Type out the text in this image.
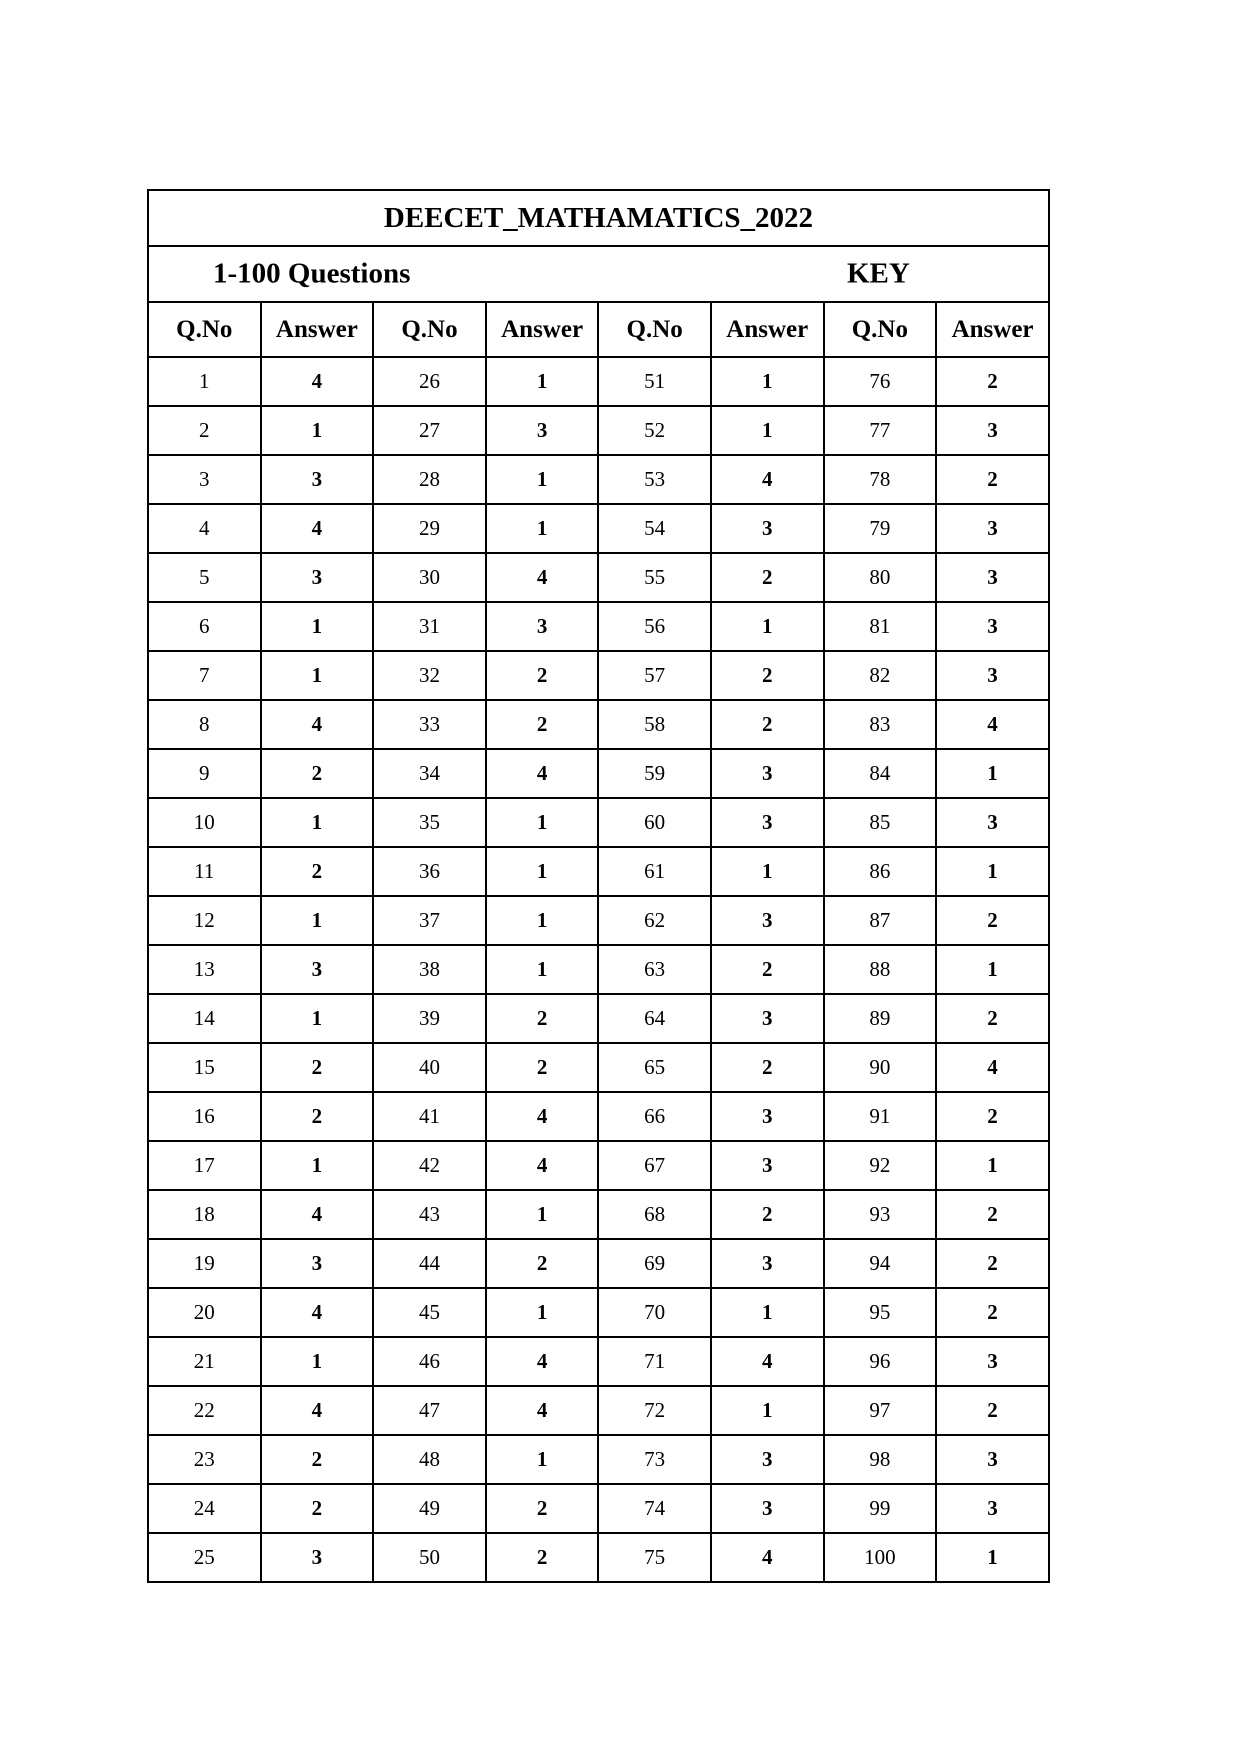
DEECET_MATHAMATICS_2022							

1-100 Questions KEY							

Q.No	Answer	Q.No	Answer	Q.No	Answer	Q.No	Answer
1	4	26	1	51	1	76	2
2	1	27	3	52	1	77	3
3	3	28	1	53	4	78	2
4	4	29	1	54	3	79	3
5	3	30	4	55	2	80	3
6	1	31	3	56	1	81	3
7	1	32	2	57	2	82	3
8	4	33	2	58	2	83	4
9	2	34	4	59	3	84	1
10	1	35	1	60	3	85	3
11	2	36	1	61	1	86	1
12	1	37	1	62	3	87	2
13	3	38	1	63	2	88	1
14	1	39	2	64	3	89	2
15	2	40	2	65	2	90	4
16	2	41	4	66	3	91	2
17	1	42	4	67	3	92	1
18	4	43	1	68	2	93	2
19	3	44	2	69	3	94	2
20	4	45	1	70	1	95	2
21	1	46	4	71	4	96	3
22	4	47	4	72	1	97	2
23	2	48	1	73	3	98	3
24	2	49	2	74	3	99	3
25	3	50	2	75	4	100	1
